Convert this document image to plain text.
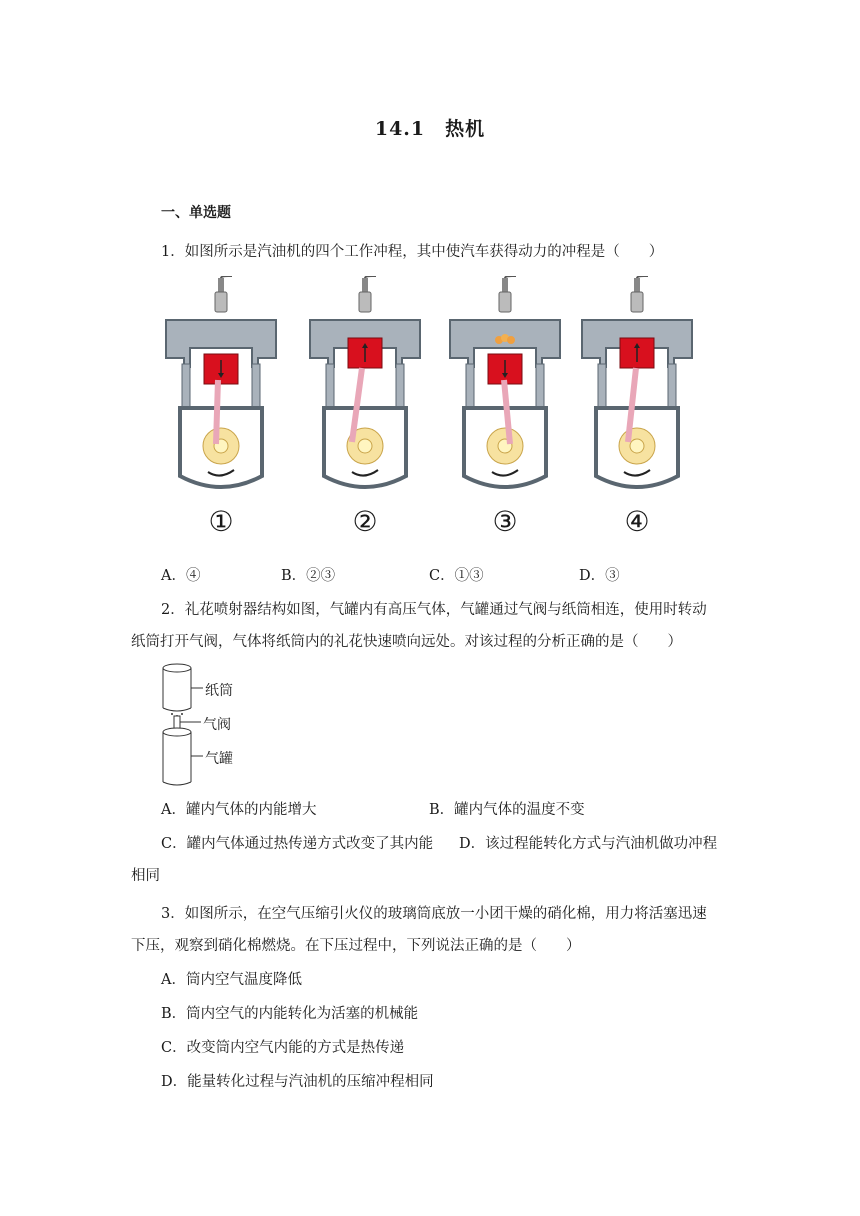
14.1　热机
一、单选题
1．如图所示是汽油机的四个工作冲程，其中使汽车获得动力的冲程是（　　）
①	②	③	④
A．④	B．②③	C．①③	D．③
2．礼花喷射器结构如图，气罐内有高压气体，气罐通过气阀与纸筒相连，使用时转动
纸筒打开气阀，气体将纸筒内的礼花快速喷向远处。对该过程的分析正确的是（　　）
纸筒
气阀
气罐
A．罐内气体的内能增大	B．罐内气体的温度不变
C．罐内气体通过热传递方式改变了其内能 D．该过程能转化方式与汽油机做功冲程
相同
3．如图所示，在空气压缩引火仪的玻璃筒底放一小团干燥的硝化棉，用力将活塞迅速
下压，观察到硝化棉燃烧。在下压过程中，下列说法正确的是（　　）
A．筒内空气温度降低
B．筒内空气的内能转化为活塞的机械能
C．改变筒内空气内能的方式是热传递
D．能量转化过程与汽油机的压缩冲程相同
